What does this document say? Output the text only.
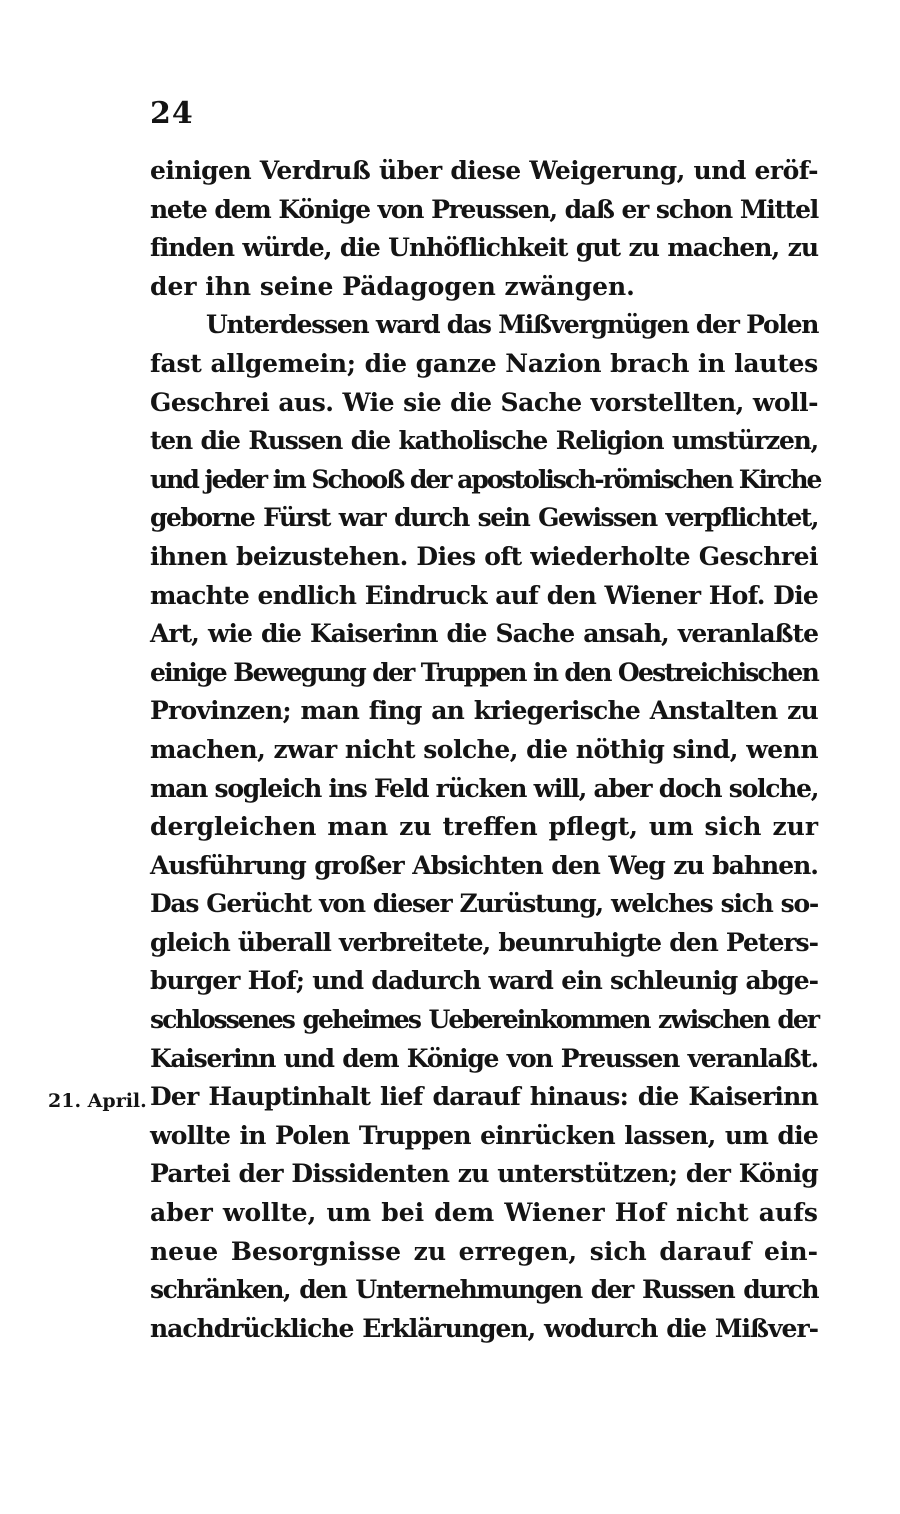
24
21. April.
einigen Verdruß über diese Weigerung, und eröf-
nete dem Könige von Preussen, daß er schon Mittel
finden würde, die Unhöflichkeit gut zu machen, zu
der ihn seine Pädagogen zwängen.
Unterdessen ward das Mißvergnügen der Polen
fast allgemein; die ganze Nazion brach in lautes
Geschrei aus. Wie sie die Sache vorstellten, woll-
ten die Russen die katholische Religion umstürzen,
und jeder im Schooß der apostolisch-römischen Kirche
geborne Fürst war durch sein Gewissen verpflichtet,
ihnen beizustehen. Dies oft wiederholte Geschrei
machte endlich Eindruck auf den Wiener Hof. Die
Art, wie die Kaiserinn die Sache ansah, veranlaßte
einige Bewegung der Truppen in den Oestreichischen
Provinzen; man fing an kriegerische Anstalten zu
machen, zwar nicht solche, die nöthig sind, wenn
man sogleich ins Feld rücken will, aber doch solche,
dergleichen man zu treffen pflegt, um sich zur
Ausführung großer Absichten den Weg zu bahnen.
Das Gerücht von dieser Zurüstung, welches sich so-
gleich überall verbreitete, beunruhigte den Peters-
burger Hof; und dadurch ward ein schleunig abge-
schlossenes geheimes Uebereinkommen zwischen der
Kaiserinn und dem Könige von Preussen veranlaßt.
Der Hauptinhalt lief darauf hinaus: die Kaiserinn
wollte in Polen Truppen einrücken lassen, um die
Partei der Dissidenten zu unterstützen; der König
aber wollte, um bei dem Wiener Hof nicht aufs
neue Besorgnisse zu erregen, sich darauf ein-
schränken, den Unternehmungen der Russen durch
nachdrückliche Erklärungen, wodurch die Mißver-
